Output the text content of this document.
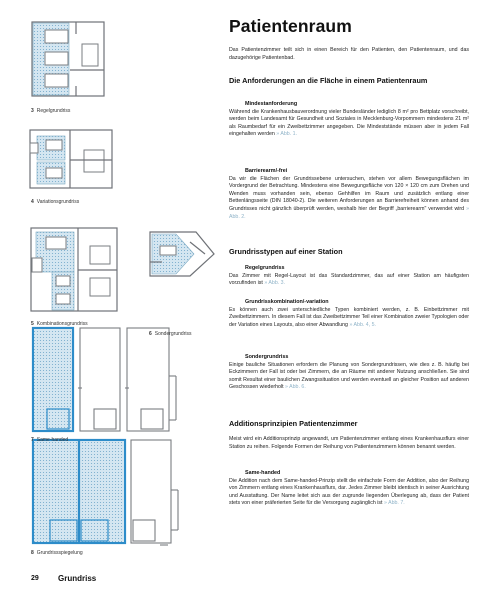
3 Regelgrundriss
4 Variationsgrundriss
5 Kombinationsgrundriss
6 Sondergrundriss
7 Same-handed
8 Grundrissspiegelung
Patientenraum

Das Patientenzimmer teilt sich in einen Bereich für den Patienten, den Patientenraum, und das dazugehörige Patientenbad.

Die Anforderungen an die Fläche in einem Patientenraum
Mindestanforderung

Während die Krankenhausbauverordnung vieler Bundesländer lediglich 8 m² pro Bettplatz vorschreibt, werden beim Landesamt für Gesundheit und Soziales in Mecklenburg-Vorpommern mindestens 21 m² als Raumbedarf für ein Zweibettzimmer angegeben. Die Mindeststände müssen aber in jedem Fall eingehalten werden » Abb. 1.

Barrierearm/-frei

Da wir die Flächen der Grundrissebene untersuchen, stehen vor allem Bewegungsflächen im Vordergrund der Betrachtung. Mindestens eine Bewegungsfläche von 120 × 120 cm zum Drehen und Wenden muss vorhanden sein, ebenso Gehhilfen im Raum und zusätzlich entlang einer Bettenlängsseite (DIN 18040-2). Die weiteren Anforderungen an Barrierefreiheit können anhand des Grundrisses nicht gänzlich überprüft werden, weshalb hier der Begriff „barrierearm" verwendet wird » Abb. 2.

Grundrisstypen auf einer Station
Regelgrundriss

Das Zimmer mit Regel-Layout ist das Standardzimmer, das auf einer Station am häufigsten vorzufinden ist » Abb. 3.

Grundrisskombination/-variation

Es können auch zwei unterschiedliche Typen kombiniert werden, z. B. Einbettzimmer mit Zweibettzimmern. In diesem Fall ist das Zweibettzimmer Teil einer Kombination zweier Typologien oder der Variation eines Layouts, also einer Abwandlung » Abb. 4, 5.

Sondergrundriss

Einige bauliche Situationen erfordern die Planung von Sondergrundrissen, wie dies z. B. häufig bei Eckzimmern der Fall ist oder bei Zimmern, die an Räume mit anderer Nutzung anschließen. Sie sind somit Resultat einer baulichen Zwangssituation und werden eventuell an gleicher Position auf anderen Geschossen wiederholt » Abb. 6.

Additionsprinzipien Patientenzimmer

Meist wird ein Additionsprinzip angewandt, um Patientenzimmer entlang eines Krankenhausflurs einer Station zu reihen. Folgende Formen der Reihung von Patientenzimmern können benannt werden.

Same-handed

Die Addition nach dem Same-handed-Prinzip stellt die einfachste Form der Addition, also der Reihung von Zimmern entlang eines Krankenhausflurs, dar. Jedes Zimmer bleibt identisch in seiner Ausrichtung und Ausstattung. Der Name leitet sich aus der zugrunde liegenden Überlegung ab, dass der Patient stets von einer präferierten Seite für die Versorgung zugänglich ist » Abb. 7.

29 Grundriss
